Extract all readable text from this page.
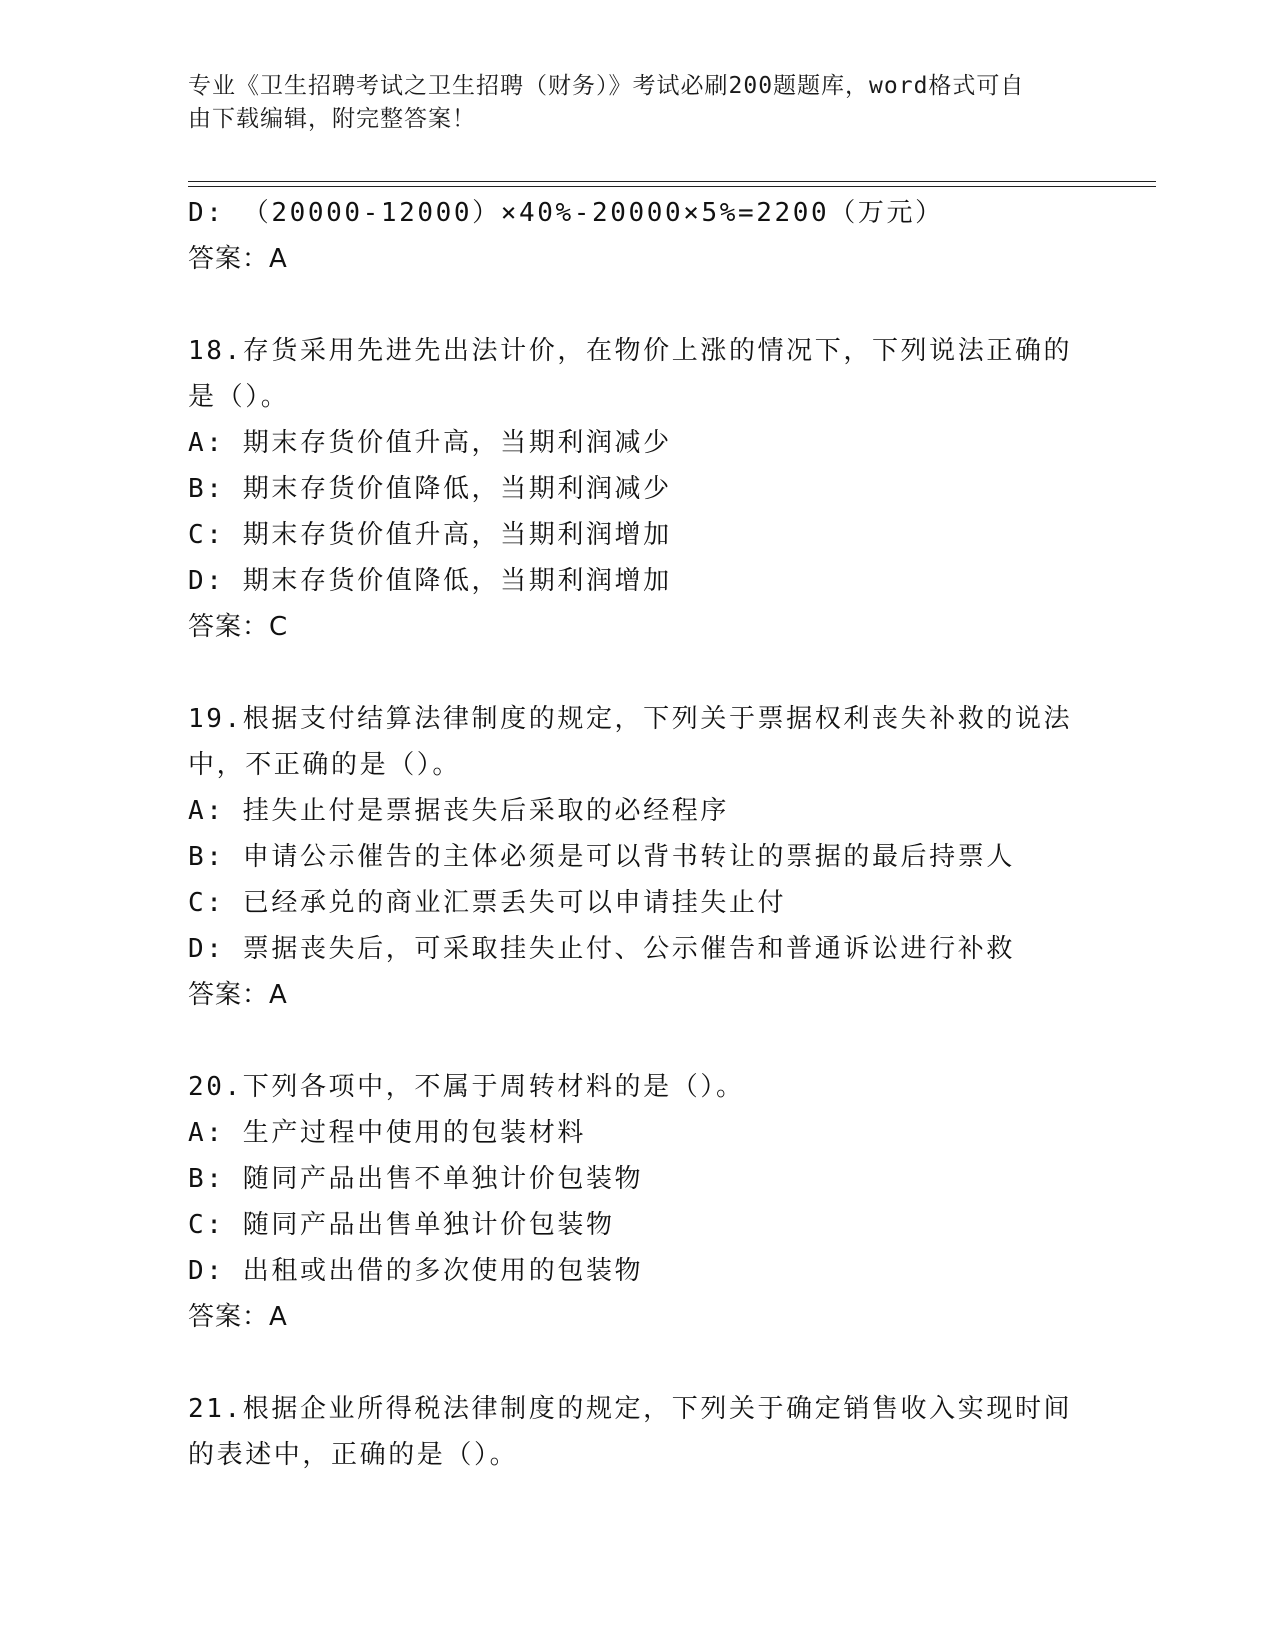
专业《卫生招聘考试之卫生招聘（财务）》考试必刷200题题库，word格式可自
由下载编辑，附完整答案！
D: （20000-12000）×40%-20000×5%=2200（万元）
答案：A
18.存货采用先进先出法计价，在物价上涨的情况下，下列说法正确的
是（）。
A: 期末存货价值升高，当期利润减少
B: 期末存货价值降低，当期利润减少
C: 期末存货价值升高，当期利润增加
D: 期末存货价值降低，当期利润增加
答案：C
19.根据支付结算法律制度的规定，下列关于票据权利丧失补救的说法
中，不正确的是（）。
A: 挂失止付是票据丧失后采取的必经程序
B: 申请公示催告的主体必须是可以背书转让的票据的最后持票人
C: 已经承兑的商业汇票丢失可以申请挂失止付
D: 票据丧失后，可采取挂失止付、公示催告和普通诉讼进行补救
答案：A
20.下列各项中，不属于周转材料的是（）。
A: 生产过程中使用的包装材料
B: 随同产品出售不单独计价包装物
C: 随同产品出售单独计价包装物
D: 出租或出借的多次使用的包装物
答案：A
21.根据企业所得税法律制度的规定，下列关于确定销售收入实现时间
的表述中，正确的是（）。
